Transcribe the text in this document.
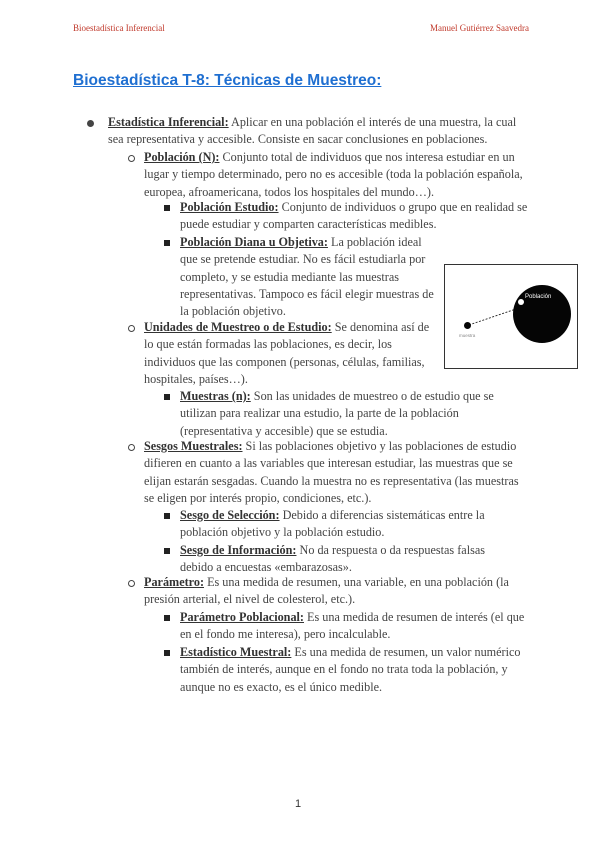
Bioestadística Inferencial	Manuel Gutiérrez Saavedra
Bioestadística T-8: Técnicas de Muestreo:
Estadística Inferencial: Aplicar en una población el interés de una muestra, la cual sea representativa y accesible. Consiste en sacar conclusiones en poblaciones.
Población (N): Conjunto total de individuos que nos interesa estudiar en un lugar y tiempo determinado, pero no es accesible (toda la población española, europea, afroamericana, todos los hospitales del mundo…).
Población Estudio: Conjunto de individuos o grupo que en realidad se puede estudiar y comparten características medibles.
Población Diana u Objetiva: La población ideal que se pretende estudiar. No es fácil estudiarla por completo, y se estudia mediante las muestras representativas. Tampoco es fácil elegir muestras de la población objetivo.
Población
muestra
Unidades de Muestreo o de Estudio: Se denomina así de lo que están formadas las poblaciones, es decir, los individuos que las componen (personas, células, familias, hospitales, países…).
Muestras (n): Son las unidades de muestreo o de estudio que se utilizan para realizar una estudio, la parte de la población (representativa y accesible) que se estudia.
Sesgos Muestrales: Si las poblaciones objetivo y las poblaciones de estudio difieren en cuanto a las variables que interesan estudiar, las muestras que se elijan estarán sesgadas. Cuando la muestra no es representativa (las muestras se eligen por interés propio, condiciones, etc.).
Sesgo de Selección: Debido a diferencias sistemáticas entre la población objetivo y la población estudio.
Sesgo de Información: No da respuesta o da respuestas falsas debido a encuestas «embarazosas».
Parámetro: Es una medida de resumen, una variable, en una población (la presión arterial, el nivel de colesterol, etc.).
Parámetro Poblacional: Es una medida de resumen de interés (el que en el fondo me interesa), pero incalculable.
Estadístico Muestral: Es una medida de resumen, un valor numérico también de interés, aunque en el fondo no trata toda la población, y aunque no es exacto, es el único medible.
1
